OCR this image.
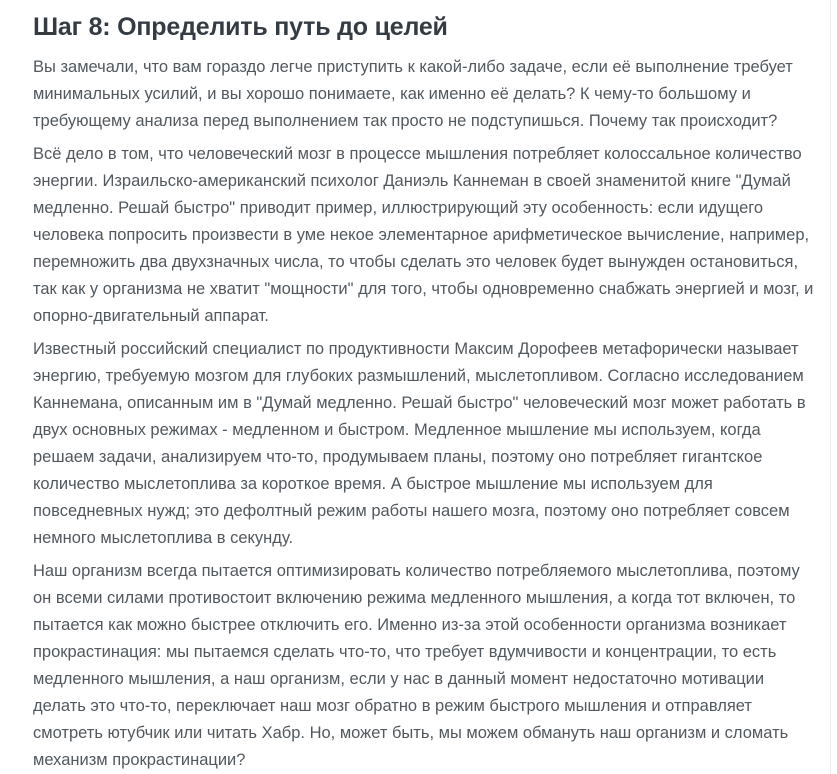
Шаг 8: Определить путь до целей

Вы замечали, что вам гораздо легче приступить к какой-либо задаче, если её выполнение требует минимальных усилий, и вы хорошо понимаете, как именно её делать? К чему-то большому и требующему анализа перед выполнением так просто не подступишься. Почему так происходит?

Всё дело в том, что человеческий мозг в процессе мышления потребляет колоссальное количество энергии. Израильско-американский психолог Даниэль Каннеман в своей знаменитой книге "Думай медленно. Решай быстро" приводит пример, иллюстрирующий эту особенность: если идущего человека попросить произвести в уме некое элементарное арифметическое вычисление, например, перемножить два двухзначных числа, то чтобы сделать это человек будет вынужден остановиться, так как у организма не хватит "мощности" для того, чтобы одновременно снабжать энергией и мозг, и опорно-двигательный аппарат.

Известный российский специалист по продуктивности Максим Дорофеев метафорически называет энергию, требуемую мозгом для глубоких размышлений, мыслетопливом. Согласно исследованием Каннемана, описанным им в "Думай медленно. Решай быстро" человеческий мозг может работать в двух основных режимах - медленном и быстром. Медленное мышление мы используем, когда решаем задачи, анализируем что-то, продумываем планы, поэтому оно потребляет гигантское количество мыслетоплива за короткое время. А быстрое мышление мы используем для повседневных нужд; это дефолтный режим работы нашего мозга, поэтому оно потребляет совсем немного мыслетоплива в секунду.

Наш организм всегда пытается оптимизировать количество потребляемого мыслетоплива, поэтому он всеми силами противостоит включению режима медленного мышления, а когда тот включен, то пытается как можно быстрее отключить его. Именно из-за этой особенности организма возникает прокрастинация: мы пытаемся сделать что-то, что требует вдумчивости и концентрации, то есть медленного мышления, а наш организм, если у нас в данный момент недостаточно мотивации делать это что-то, переключает наш мозг обратно в режим быстрого мышления и отправляет смотреть ютубчик или читать Хабр. Но, может быть, мы можем обмануть наш организм и сломать механизм прокрастинации?
